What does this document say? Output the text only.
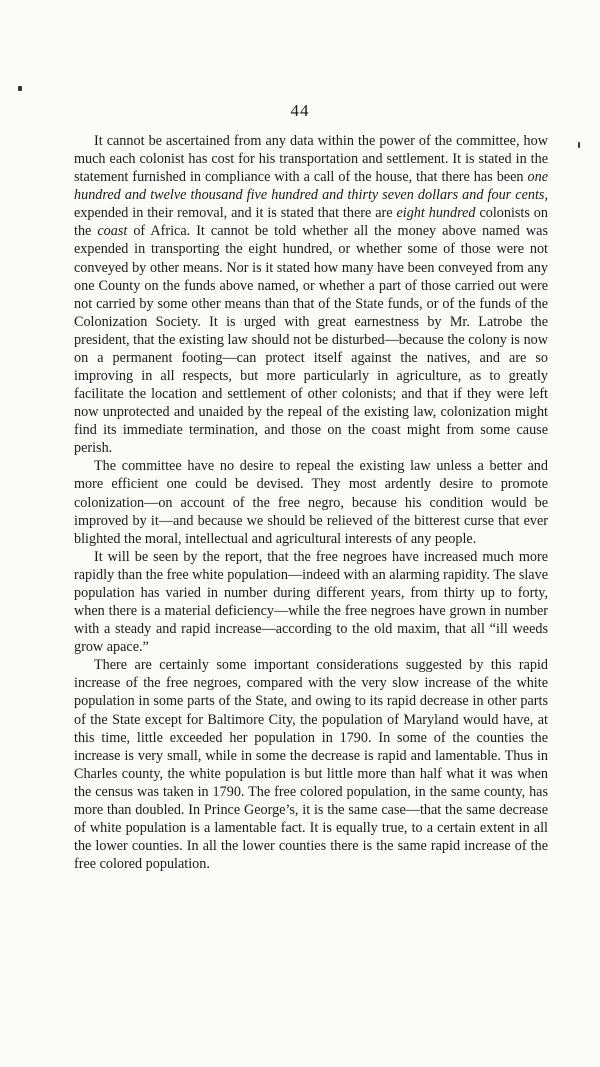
44

It cannot be ascertained from any data within the power of the committee, how much each colonist has cost for his transportation and settlement. It is stated in the statement furnished in compliance with a call of the house, that there has been one hundred and twelve thousand five hundred and thirty seven dollars and four cents, expended in their removal, and it is stated that there are eight hundred colonists on the coast of Africa. It cannot be told whether all the money above named was expended in transporting the eight hundred, or whether some of those were not conveyed by other means. Nor is it stated how many have been conveyed from any one County on the funds above named, or whether a part of those carried out were not carried by some other means than that of the State funds, or of the funds of the Colonization Society. It is urged with great earnestness by Mr. Latrobe the president, that the existing law should not be disturbed—because the colony is now on a permanent footing—can protect itself against the natives, and are so improving in all respects, but more particularly in agriculture, as to greatly facilitate the location and settlement of other colonists; and that if they were left now unprotected and unaided by the repeal of the existing law, colonization might find its immediate termination, and those on the coast might from some cause perish.

The committee have no desire to repeal the existing law unless a better and more efficient one could be devised. They most ardently desire to promote colonization—on account of the free negro, because his condition would be improved by it—and because we should be relieved of the bitterest curse that ever blighted the moral, intellectual and agricultural interests of any people.

It will be seen by the report, that the free negroes have increased much more rapidly than the free white population—indeed with an alarming rapidity. The slave population has varied in number during different years, from thirty up to forty, when there is a material deficiency—while the free negroes have grown in number with a steady and rapid increase—according to the old maxim, that all “ill weeds grow apace.”

There are certainly some important considerations suggested by this rapid increase of the free negroes, compared with the very slow increase of the white population in some parts of the State, and owing to its rapid decrease in other parts of the State except for Baltimore City, the population of Maryland would have, at this time, little exceeded her population in 1790. In some of the counties the increase is very small, while in some the decrease is rapid and lamentable. Thus in Charles county, the white population is but little more than half what it was when the census was taken in 1790. The free colored population, in the same county, has more than doubled. In Prince George’s, it is the same case—that the same decrease of white population is a lamentable fact. It is equally true, to a certain extent in all the lower counties. In all the lower counties there is the same rapid increase of the free colored population.
